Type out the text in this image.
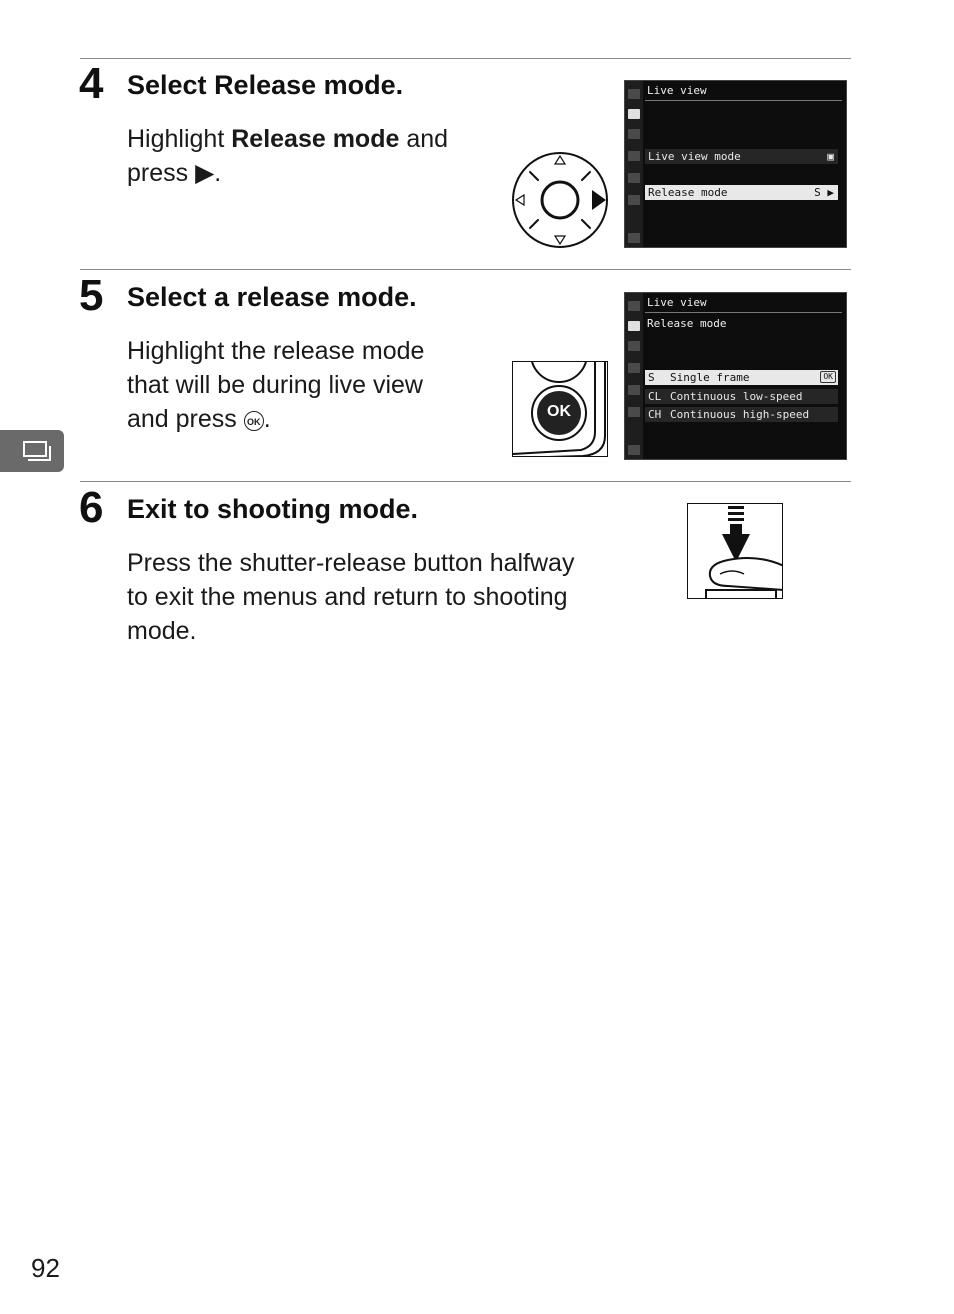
4 Select Release mode.
Highlight Release mode and
press ▶.
Live view
Live view mode	▣
Release mode	S ▶
5 Select a release mode.
Highlight the release mode
that will be during live view
and press OK .	OK
Live view
Release mode
S Single frame	OK
CL Continuous low-speed
CH Continuous high-speed
6 Exit to shooting mode.
Press the shutter-release button halfway
to exit the menus and return to shooting
mode.
92
